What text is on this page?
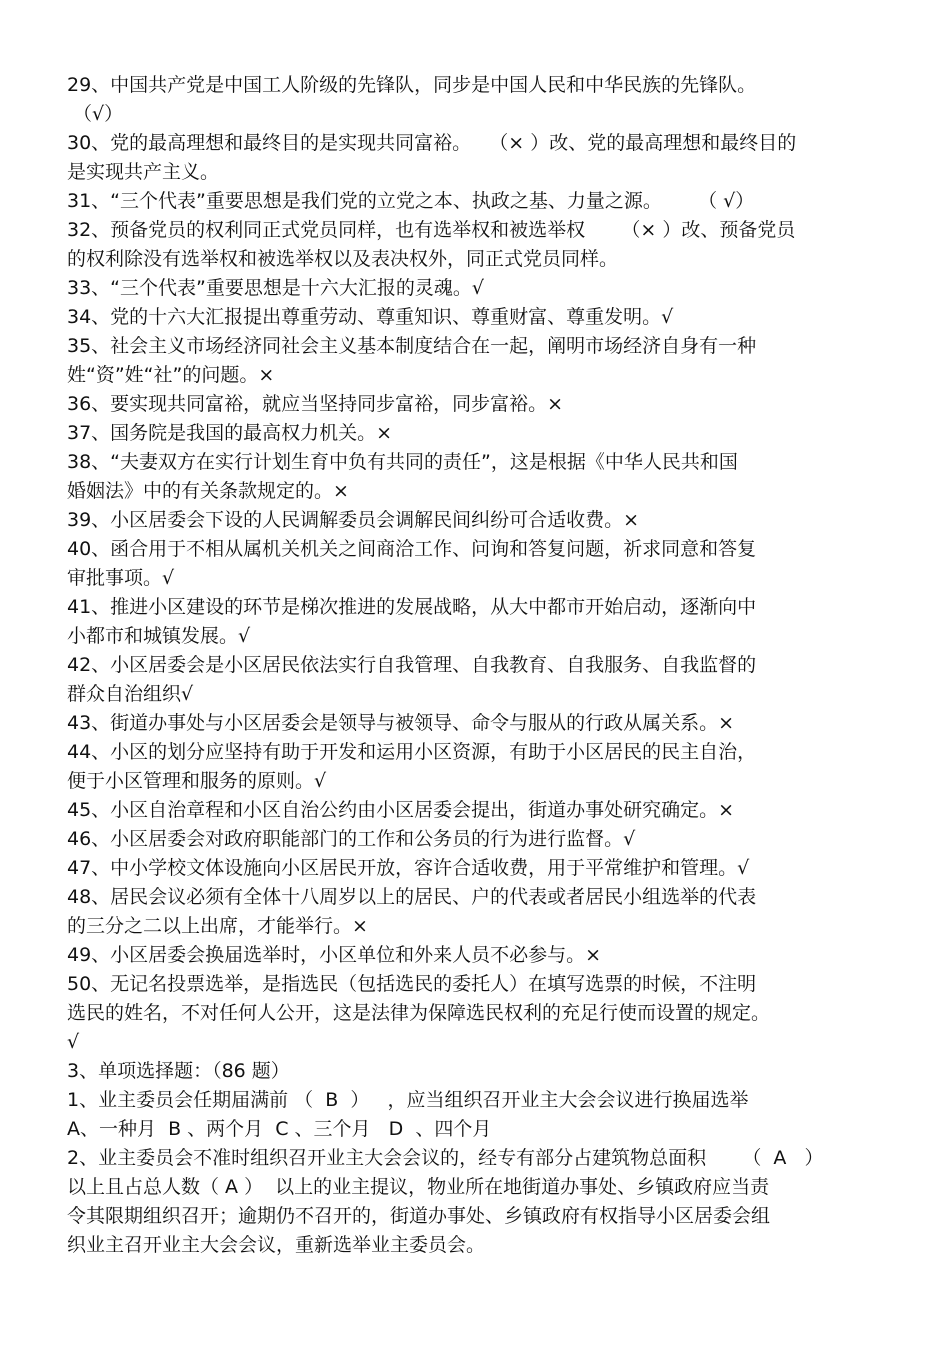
29、中国共产党是中国工人阶级的先锋队，同步是中国人民和中华民族的先锋队。
（√）
30、党的最高理想和最终目的是实现共同富裕。   （× ）改、党的最高理想和最终目的
是实现共产主义。
31、“三个代表”重要思想是我们党的立党之本、执政之基、力量之源。      （ √）
32、预备党员的权利同正式党员同样，也有选举权和被选举权      （× ）改、预备党员
的权利除没有选举权和被选举权以及表决权外，同正式党员同样。
33、“三个代表”重要思想是十六大汇报的灵魂。√
34、党的十六大汇报提出尊重劳动、尊重知识、尊重财富、尊重发明。√
35、社会主义市场经济同社会主义基本制度结合在一起，阐明市场经济自身有一种
姓“资”姓“社”的问题。×
36、要实现共同富裕，就应当坚持同步富裕，同步富裕。×
37、国务院是我国的最高权力机关。×
38、“夫妻双方在实行计划生育中负有共同的责任”，这是根据《中华人民共和国
婚姻法》中的有关条款规定的。×
39、小区居委会下设的人民调解委员会调解民间纠纷可合适收费。×
40、函合用于不相从属机关机关之间商洽工作、问询和答复问题，祈求同意和答复
审批事项。√
41、推进小区建设的环节是梯次推进的发展战略，从大中都市开始启动，逐渐向中
小都市和城镇发展。√
42、小区居委会是小区居民依法实行自我管理、自我教育、自我服务、自我监督的
群众自治组织√
43、街道办事处与小区居委会是领导与被领导、命令与服从的行政从属关系。×
44、小区的划分应坚持有助于开发和运用小区资源，有助于小区居民的民主自治，
便于小区管理和服务的原则。√
45、小区自治章程和小区自治公约由小区居委会提出，街道办事处研究确定。×
46、小区居委会对政府职能部门的工作和公务员的行为进行监督。√
47、中小学校文体设施向小区居民开放，容许合适收费，用于平常维护和管理。√
48、居民会议必须有全体十八周岁以上的居民、户的代表或者居民小组选举的代表
的三分之二以上出席，才能举行。×
49、小区居委会换届选举时，小区单位和外来人员不必参与。×
50、无记名投票选举，是指选民（包括选民的委托人）在填写选票的时候，不注明
选民的姓名，不对任何人公开，这是法律为保障选民权利的充足行使而设置的规定。
√
3、单项选择题：（86 题）
1、业主委员会任期届满前 （  B  ）   ，应当组织召开业主大会会议进行换届选举
A、一种月  B 、两个月  C 、三个月   D  、四个月
2、业主委员会不准时组织召开业主大会会议的，经专有部分占建筑物总面积      （  A   ）
以上且占总人数（ A ）  以上的业主提议，物业所在地街道办事处、乡镇政府应当责
令其限期组织召开；逾期仍不召开的，街道办事处、乡镇政府有权指导小区居委会组
织业主召开业主大会会议，重新选举业主委员会。
